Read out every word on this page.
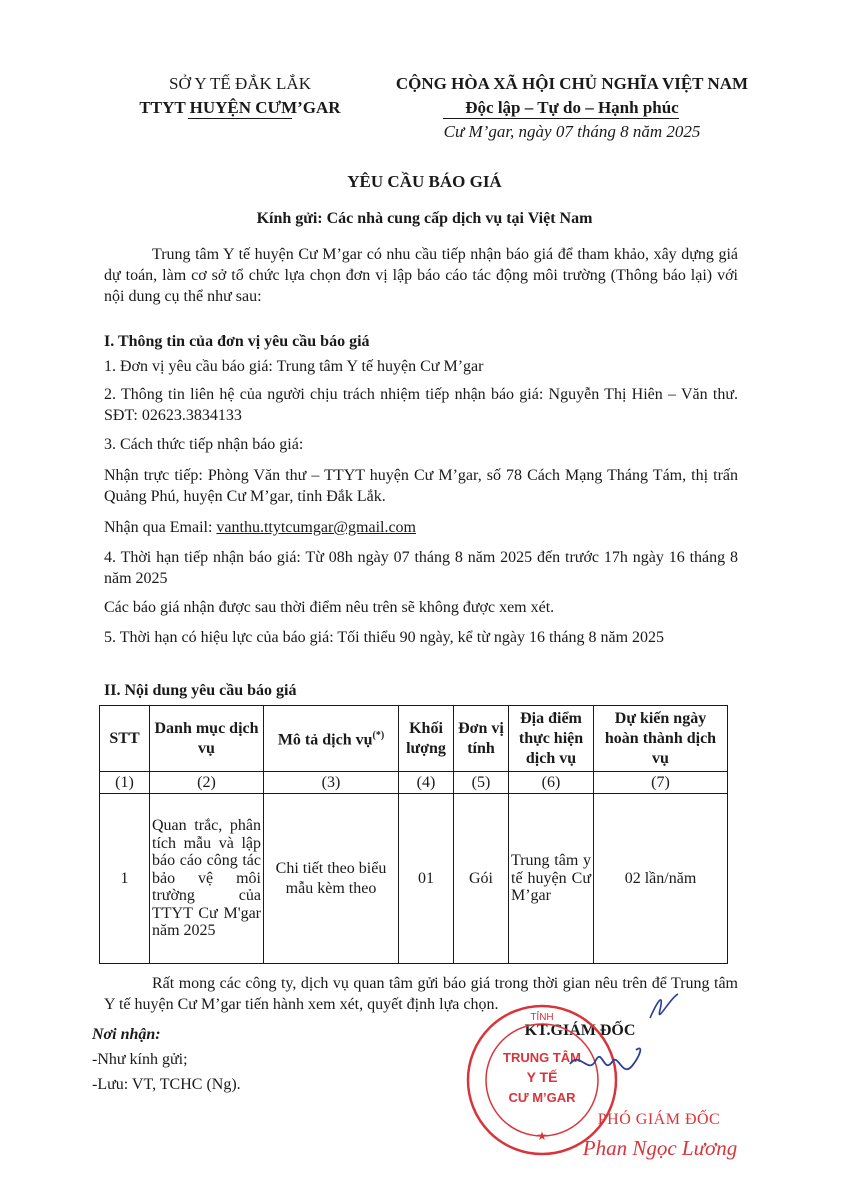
SỞ Y TẾ ĐẮK LẮK
TTYT HUYỆN CƯM’GAR
CỘNG HÒA XÃ HỘI CHỦ NGHĨA VIỆT NAM
Độc lập – Tự do – Hạnh phúc
Cư M’gar, ngày 07 tháng 8 năm 2025
YÊU CẦU BÁO GIÁ
Kính gửi: Các nhà cung cấp dịch vụ tại Việt Nam
Trung tâm Y tế huyện Cư M’gar có nhu cầu tiếp nhận báo giá để tham khảo, xây dựng giá dự toán, làm cơ sở tổ chức lựa chọn đơn vị lập báo cáo tác động môi trường (Thông báo lại) với nội dung cụ thể như sau:
I. Thông tin của đơn vị yêu cầu báo giá
1. Đơn vị yêu cầu báo giá: Trung tâm Y tế huyện Cư M’gar
2. Thông tin liên hệ của người chịu trách nhiệm tiếp nhận báo giá: Nguyễn Thị Hiên – Văn thư. SĐT: 02623.3834133
3. Cách thức tiếp nhận báo giá:
Nhận trực tiếp: Phòng Văn thư – TTYT huyện Cư M’gar, số 78 Cách Mạng Tháng Tám, thị trấn Quảng Phú, huyện Cư M’gar, tỉnh Đắk Lắk.
Nhận qua Email: vanthu.ttytcumgar@gmail.com
4. Thời hạn tiếp nhận báo giá: Từ 08h ngày 07 tháng 8 năm 2025 đến trước 17h ngày 16 tháng 8 năm 2025
Các báo giá nhận được sau thời điểm nêu trên sẽ không được xem xét.
5. Thời hạn có hiệu lực của báo giá: Tối thiểu 90 ngày, kể từ ngày 16 tháng 8 năm 2025
II. Nội dung yêu cầu báo giá
STT	Danh mục dịch vụ	Mô tả dịch vụ(*)	Khối lượng	Đơn vị tính	Địa điểm thực hiện dịch vụ	Dự kiến ngày hoàn thành dịch vụ
(1)	(2)	(3)	(4)	(5)	(6)	(7)
1	Quan trắc, phân tích mẫu và lập báo cáo công tác bảo vệ môi trường của TTYT Cư M'gar năm 2025	Chi tiết theo biểu mẫu kèm theo	01	Gói	Trung tâm y tế huyện Cư M’gar	02 lần/năm
Rất mong các công ty, dịch vụ quan tâm gửi báo giá trong thời gian nêu trên để Trung tâm Y tế huyện Cư M’gar tiến hành xem xét, quyết định lựa chọn.
Nơi nhận:
-Như kính gửi;
-Lưu: VT, TCHC (Ng).
KT.GIÁM ĐỐC
TỈNH
TRUNG TÂM
Y TẾ
CƯ M’GAR
★
PHÓ GIÁM ĐỐC
Phan Ngọc Lương
